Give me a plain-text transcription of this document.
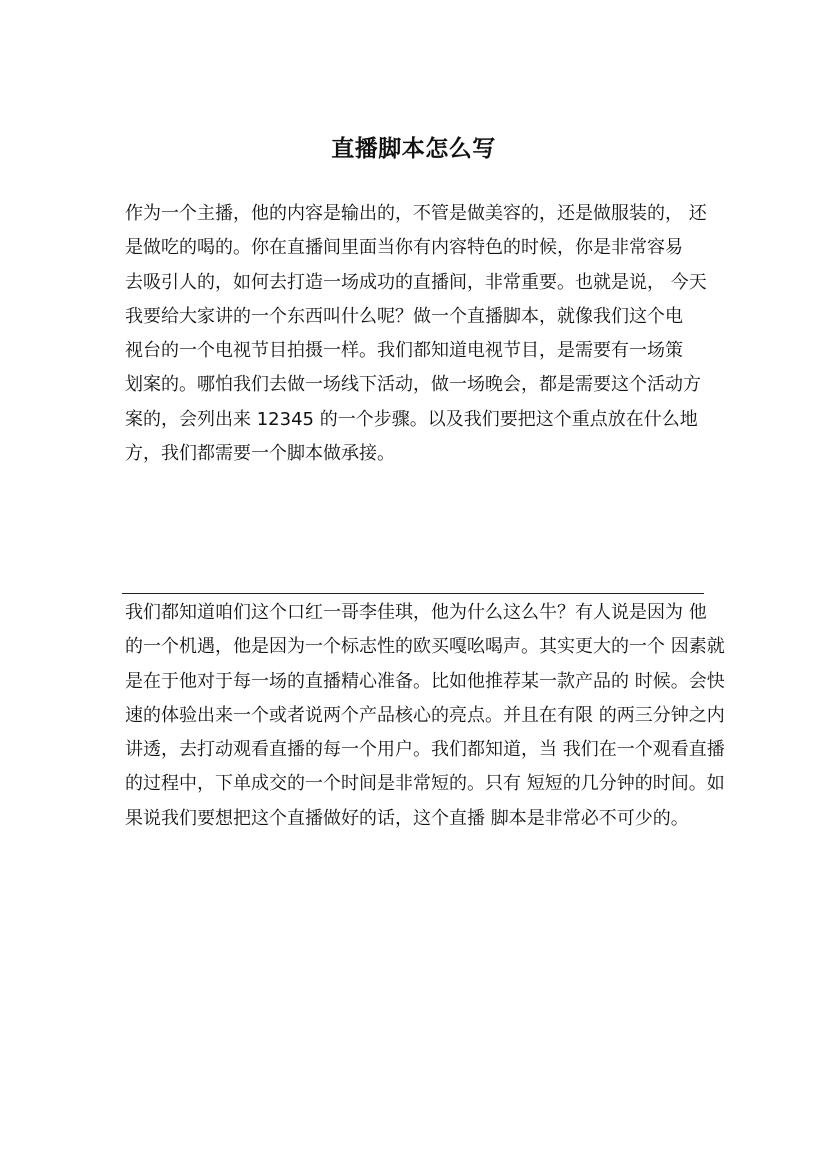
直播脚本怎么写
作为一个主播，他的内容是输出的，不管是做美容的，还是做服装的， 还
是做吃的喝的。你在直播间里面当你有内容特色的时候，你是非常容易
去吸引人的，如何去打造一场成功的直播间，非常重要。也就是说， 今天
我要给大家讲的一个东西叫什么呢？做一个直播脚本，就像我们这个电
视台的一个电视节目拍摄一样。我们都知道电视节目，是需要有一场策
划案的。哪怕我们去做一场线下活动，做一场晚会，都是需要这个活动方
案的，会列出来 12345 的一个步骤。以及我们要把这个重点放在什么地
方，我们都需要一个脚本做承接。
我们都知道咱们这个口红一哥李佳琪，他为什么这么牛？有人说是因为 他
的一个机遇，他是因为一个标志性的欧买嘎吆喝声。其实更大的一个 因素就
是在于他对于每一场的直播精心准备。比如他推荐某一款产品的 时候。会快
速的体验出来一个或者说两个产品核心的亮点。并且在有限 的两三分钟之内
讲透，去打动观看直播的每一个用户。我们都知道，当 我们在一个观看直播
的过程中，下单成交的一个时间是非常短的。只有 短短的几分钟的时间。如
果说我们要想把这个直播做好的话，这个直播 脚本是非常必不可少的。
